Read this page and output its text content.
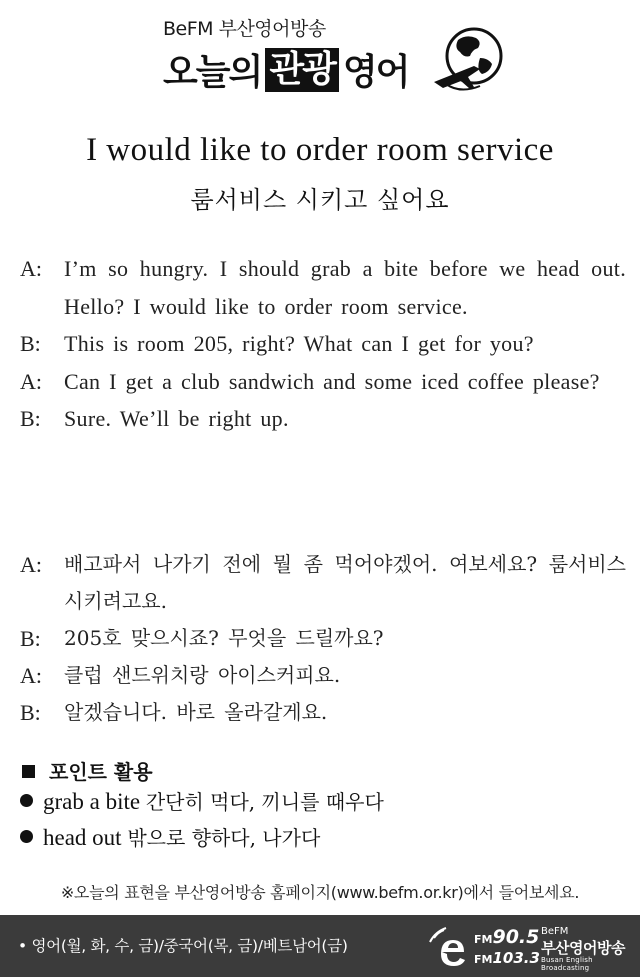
BeFM 부산영어방송
오늘의 관광 영어
I would like to order room service
룸서비스 시키고 싶어요
A: I’m so hungry. I should grab a bite before we head out. Hello? I would like to order room service.
B: This is room 205, right? What can I get for you?
A: Can I get a club sandwich and some iced coffee please?
B: Sure. We’ll be right up.
A: 배고파서 나가기 전에 뭘 좀 먹어야겠어. 여보세요? 룸서비스 시키려고요.
B: 205호 맞으시죠? 무엇을 드릴까요?
A: 클럽 샌드위치랑 아이스커피요.
B: 알겠습니다. 바로 올라갈게요.
포인트 활용
grab a bite 간단히 먹다, 끼니를 때우다
head out 밖으로 향하다, 나가다
※오늘의 표현을 부산영어방송 홈페이지(www.befm.or.kr)에서 들어보세요.
• 영어(월, 화, 수, 금)/중국어(목, 금)/베트남어(금)	FM90.5
FM103.3
BeFM
부산영어방송
Busan English Broadcasting
